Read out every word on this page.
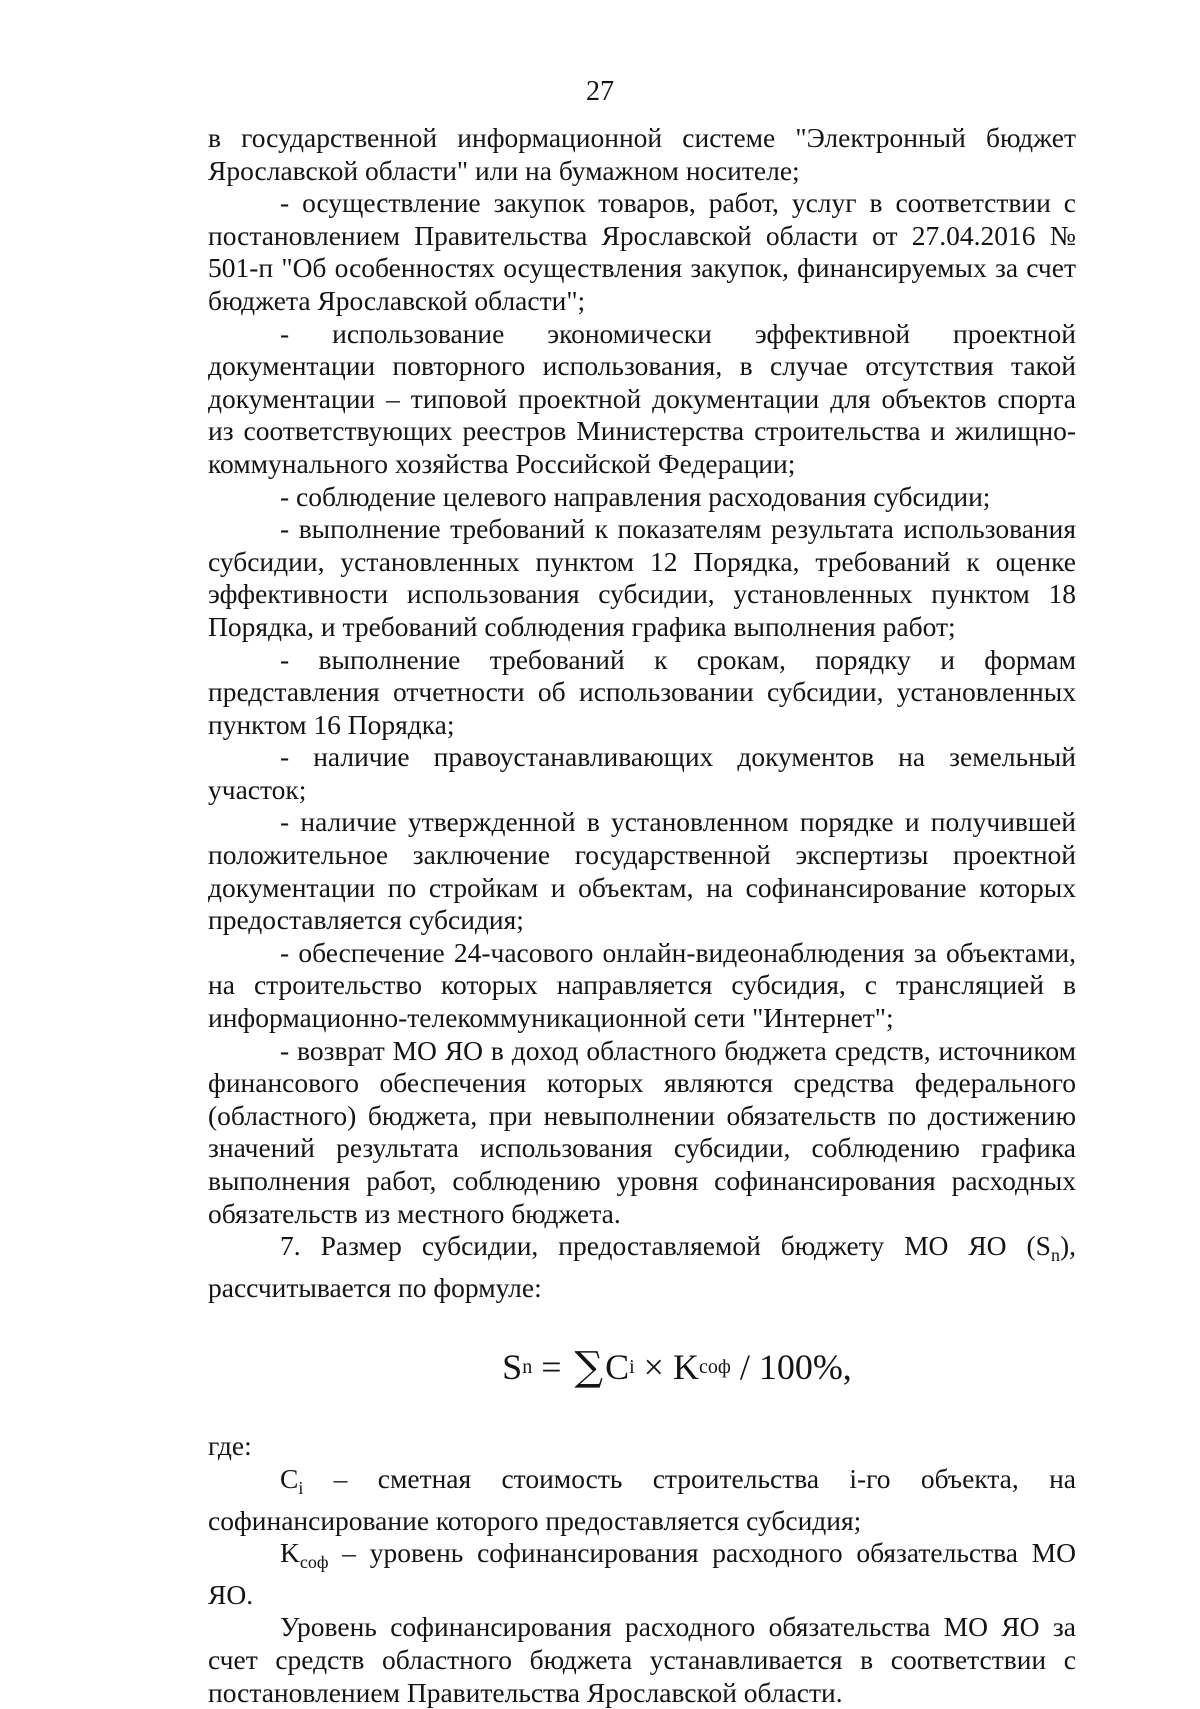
27

в государственной информационной системе "Электронный бюджет Ярославской области" или на бумажном носителе;

- осуществление закупок товаров, работ, услуг в соответствии с постановлением Правительства Ярославской области от 27.04.2016 № 501-п "Об особенностях осуществления закупок, финансируемых за счет бюджета Ярославской области";

- использование экономически эффективной проектной документации повторного использования, в случае отсутствия такой документации – типовой проектной документации для объектов спорта из соответствующих реестров Министерства строительства и жилищно-коммунального хозяйства Российской Федерации;

- соблюдение целевого направления расходования субсидии;

- выполнение требований к показателям результата использования субсидии, установленных пунктом 12 Порядка, требований к оценке эффективности использования субсидии, установленных пунктом 18 Порядка, и требований соблюдения графика выполнения работ;

- выполнение требований к срокам, порядку и формам представления отчетности об использовании субсидии, установленных пунктом 16 Порядка;

- наличие правоустанавливающих документов на земельный участок;

- наличие утвержденной в установленном порядке и получившей положительное заключение государственной экспертизы проектной документации по стройкам и объектам, на софинансирование которых предоставляется субсидия;

- обеспечение 24-часового онлайн-видеонаблюдения за объектами, на строительство которых направляется субсидия, с трансляцией в информационно-телекоммуникационной сети "Интернет";

- возврат МО ЯО в доход областного бюджета средств, источником финансового обеспечения которых являются средства федерального (областного) бюджета, при невыполнении обязательств по достижению значений результата использования субсидии, соблюдению графика выполнения работ, соблюдению уровня софинансирования расходных обязательств из местного бюджета.

7. Размер субсидии, предоставляемой бюджету МО ЯО $(S_n)$, рассчитывается по формуле:

S n = ∑ C i × K соф / 100%,

где:

$C_i$ – сметная стоимость строительства i-го объекта, на софинансирование которого предоставляется субсидия;

$K_{соф}$ – уровень софинансирования расходного обязательства МО ЯО.

Уровень софинансирования расходного обязательства МО ЯО за счет средств областного бюджета устанавливается в соответствии с постановлением Правительства Ярославской области.
